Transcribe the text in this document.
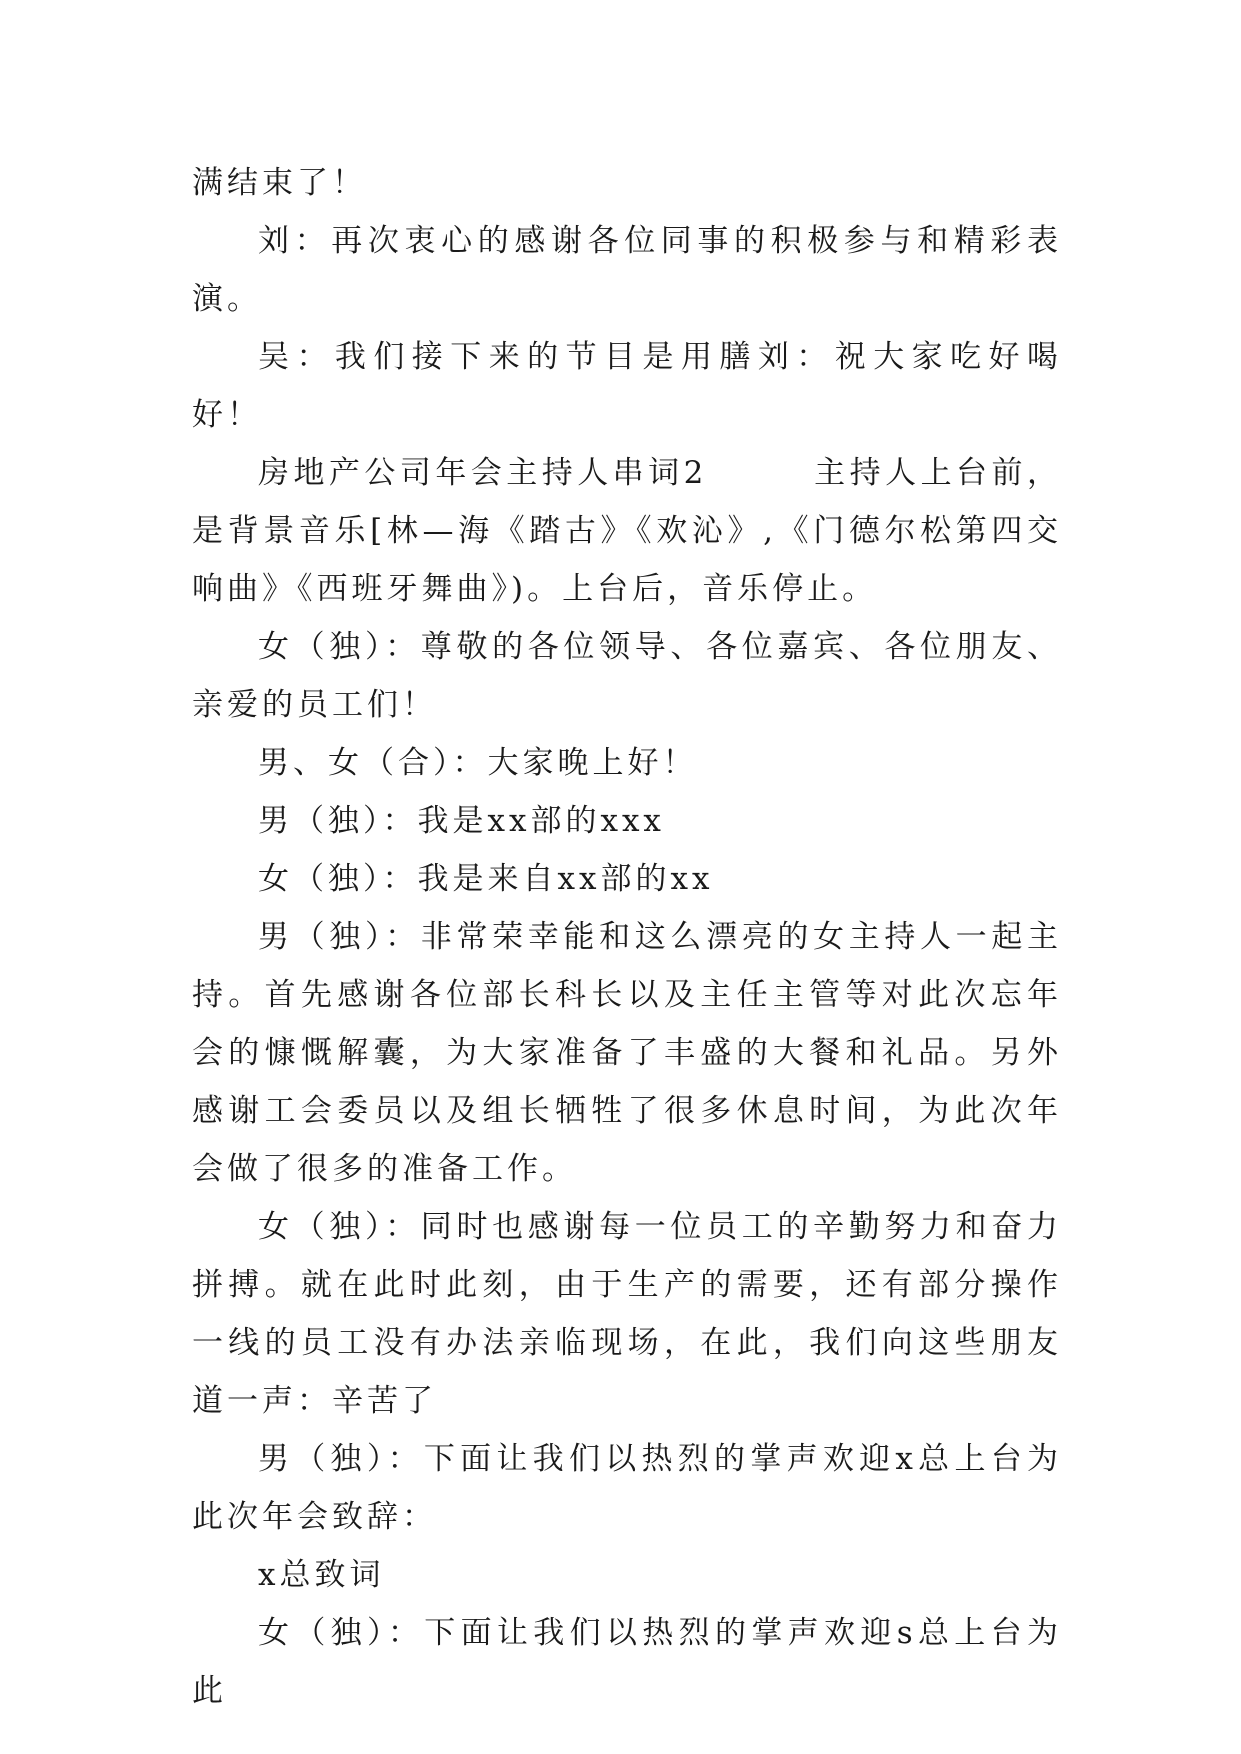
满结束了！

刘：再次衷心的感谢各位同事的积极参与和精彩表演。

吴：我们接下来的节目是用膳刘：祝大家吃好喝好！

房地产公司年会主持人串词2　　　主持人上台前，是背景音乐[林—海《踏古》《欢沁》,《门德尔松第四交响曲》《西班牙舞曲》)。上台后，音乐停止。

女（独）：尊敬的各位领导、各位嘉宾、各位朋友、亲爱的员工们！

男、女（合）：大家晚上好！

男（独）：我是xx部的xxx

女（独）：我是来自xx部的xx

男（独）：非常荣幸能和这么漂亮的女主持人一起主持。首先感谢各位部长科长以及主任主管等对此次忘年会的慷慨解囊，为大家准备了丰盛的大餐和礼品。另外感谢工会委员以及组长牺牲了很多休息时间，为此次年会做了很多的准备工作。

女（独）：同时也感谢每一位员工的辛勤努力和奋力拼搏。就在此时此刻，由于生产的需要，还有部分操作一线的员工没有办法亲临现场，在此，我们向这些朋友道一声：辛苦了

男（独）：下面让我们以热烈的掌声欢迎x总上台为此次年会致辞：

x总致词

女（独）：下面让我们以热烈的掌声欢迎s总上台为此
